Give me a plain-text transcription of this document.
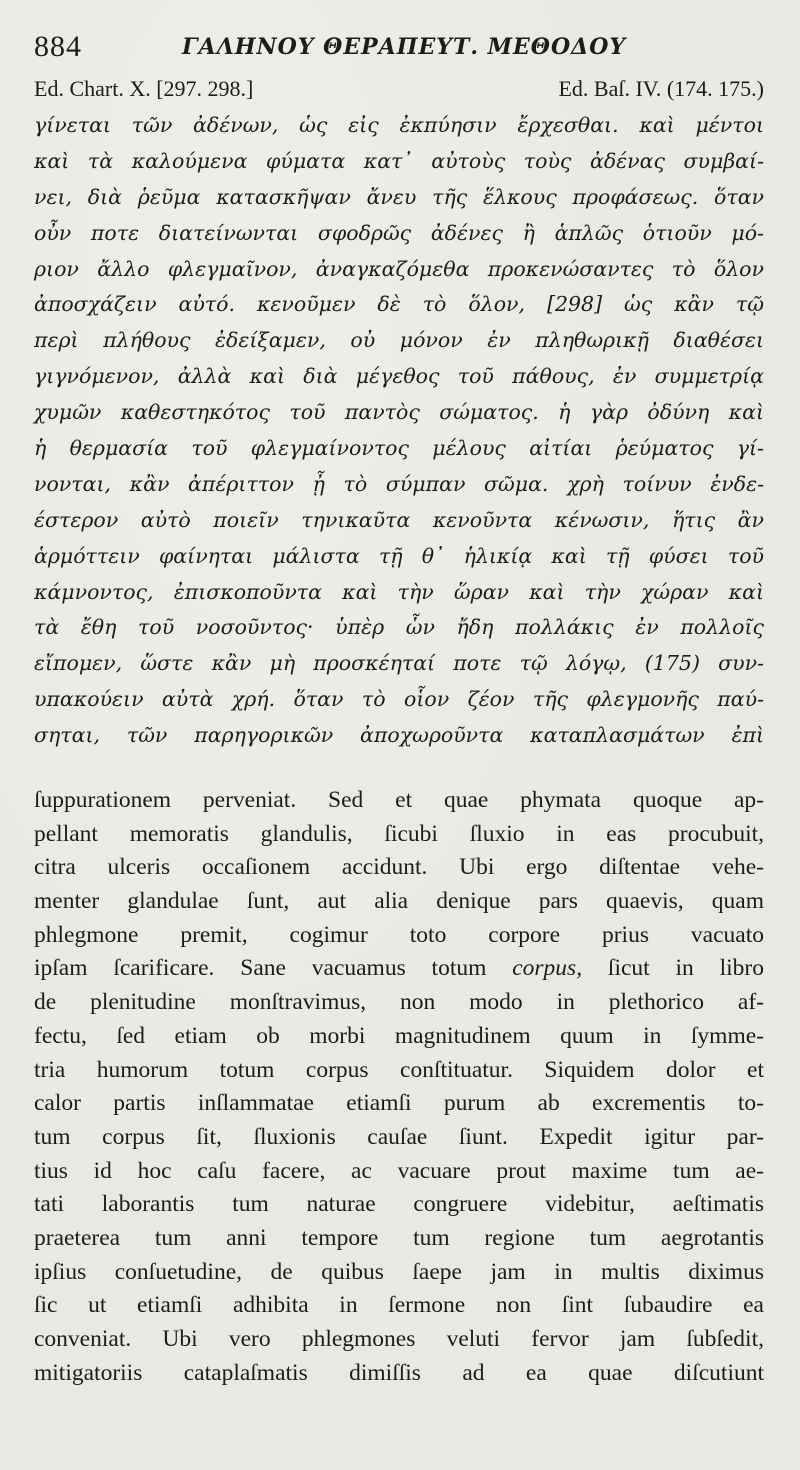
884	ΓΑΛΗΝΟΥ ΘΕΡΑΠΕΥΤ. ΜΕΘΟΔΟΥ
Ed. Chart. X. [297. 298.]	Ed. Baſ. IV. (174. 175.)
γίνεται τῶν ἀδένων, ὡς εἰς ἐκπύησιν ἔρχεσθαι. καὶ μέντοι
καὶ τὰ καλούμενα φύματα κατ᾽ αὐτοὺς τοὺς ἀδένας συμβαί-
νει, διὰ ῥεῦμα κατασκῆψαν ἄνευ τῆς ἕλκους προφάσεως. ὅταν
οὖν ποτε διατείνωνται σφοδρῶς ἀδένες ἢ ἁπλῶς ὁτιοῦν μό-
ριον ἄλλο φλεγμαῖνον, ἀναγκαζόμεθα προκενώσαντες τὸ ὅλον
ἀποσχάζειν αὐτό. κενοῦμεν δὲ τὸ ὅλον, [298] ὡς κἂν τῷ
περὶ πλήθους ἐδείξαμεν, οὐ μόνον ἐν πληθωρικῇ διαθέσει
γιγνόμενον, ἀλλὰ καὶ διὰ μέγεθος τοῦ πάθους, ἐν συμμετρίᾳ
χυμῶν καθεστηκότος τοῦ παντὸς σώματος. ἡ γὰρ ὀδύνη καὶ
ἡ θερμασία τοῦ φλεγμαίνοντος μέλους αἰτίαι ῥεύματος γί-
νονται, κἂν ἀπέριττον ᾖ τὸ σύμπαν σῶμα. χρὴ τοίνυν ἐνδε-
έστερον αὐτὸ ποιεῖν τηνικαῦτα κενοῦντα κένωσιν, ἥτις ἂν
ἁρμόττειν φαίνηται μάλιστα τῇ θ᾽ ἡλικίᾳ καὶ τῇ φύσει τοῦ
κάμνοντος, ἐπισκοποῦντα καὶ τὴν ὥραν καὶ τὴν χώραν καὶ
τὰ ἔθη τοῦ νοσοῦντος· ὑπὲρ ὧν ἤδη πολλάκις ἐν πολλοῖς
εἴπομεν, ὥστε κἂν μὴ προσκέηταί ποτε τῷ λόγῳ, (175) συν-
υπακούειν αὐτὰ χρή. ὅταν τὸ οἷον ζέον τῆς φλεγμονῆς παύ-
σηται, τῶν παρηγορικῶν ἀποχωροῦντα καταπλασμάτων ἐπὶ
ſuppurationem perveniat. Sed et quae phymata quoque ap-
pellant memoratis glandulis, ſicubi ſluxio in eas procubuit,
citra ulceris occaſionem accidunt. Ubi ergo diſtentae vehe-
menter glandulae ſunt, aut alia denique pars quaevis, quam
phlegmone premit, cogimur toto corpore prius vacuato
ipſam ſcarificare. Sane vacuamus totum corpus, ſicut in libro
de plenitudine monſtravimus, non modo in plethorico af-
fectu, ſed etiam ob morbi magnitudinem quum in ſymme-
tria humorum totum corpus conſtituatur. Siquidem dolor et
calor partis inſlammatae etiamſi purum ab excrementis to-
tum corpus ſit, ſluxionis cauſae ſiunt. Expedit igitur par-
tius id hoc caſu facere, ac vacuare prout maxime tum ae-
tati laborantis tum naturae congruere videbitur, aeſtimatis
praeterea tum anni tempore tum regione tum aegrotantis
ipſius conſuetudine, de quibus ſaepe jam in multis diximus
ſic ut etiamſi adhibita in ſermone non ſint ſubaudire ea
conveniat. Ubi vero phlegmones veluti fervor jam ſubſedit,
mitigatoriis cataplaſmatis dimiſſis ad ea quae diſcutiunt
